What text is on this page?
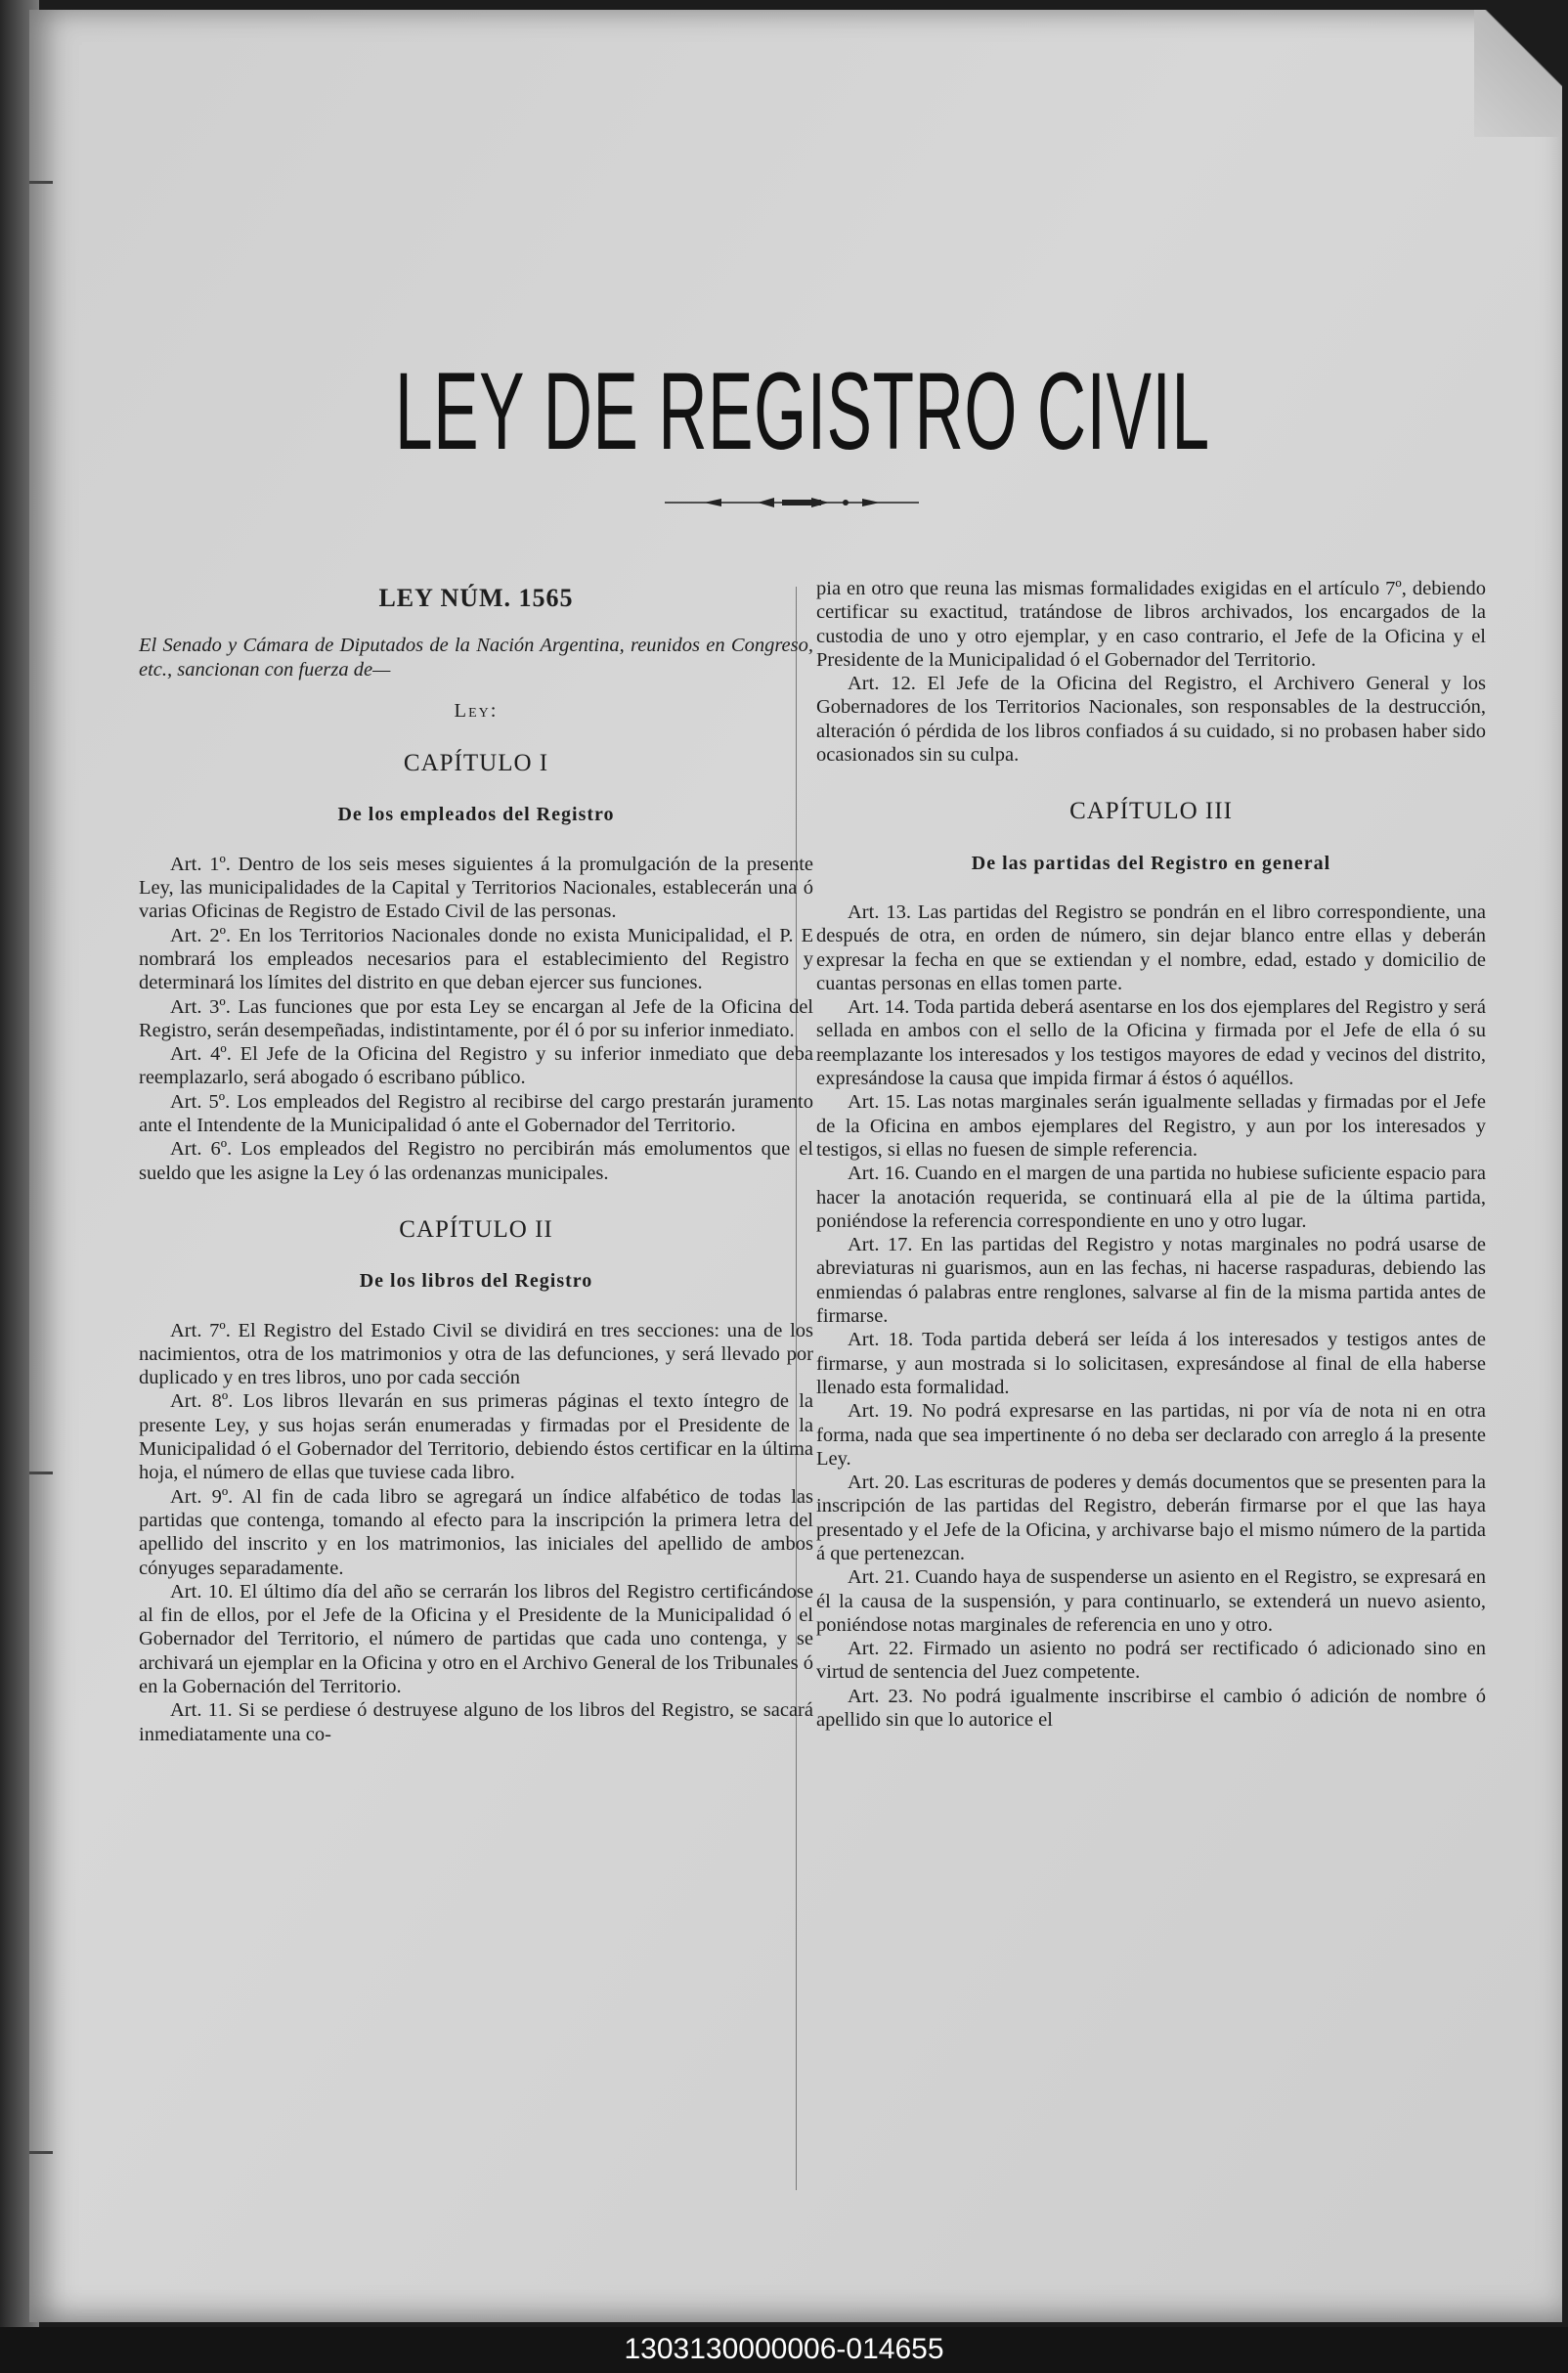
LEY DE REGISTRO CIVIL
LEY NÚM. 1565

El Senado y Cámara de Diputados de la Nación Argentina, reunidos en Congreso, etc., sancionan con fuerza de—

Ley:
CAPÍTULO I
De los empleados del Registro

Art. 1º. Dentro de los seis meses siguientes á la promulgación de la presente Ley, las municipalidades de la Capital y Territorios Nacionales, establecerán una ó varias Oficinas de Registro de Estado Civil de las personas.

Art. 2º. En los Territorios Nacionales donde no exista Municipalidad, el P. E nombrará los empleados necesarios para el establecimiento del Registro y determinará los límites del distrito en que deban ejercer sus funciones.

Art. 3º. Las funciones que por esta Ley se encargan al Jefe de la Oficina del Registro, serán desempeñadas, indistintamente, por él ó por su inferior inmediato.

Art. 4º. El Jefe de la Oficina del Registro y su inferior inmediato que deba reemplazarlo, será abogado ó escribano público.

Art. 5º. Los empleados del Registro al recibirse del cargo prestarán juramento ante el Intendente de la Municipalidad ó ante el Gobernador del Territorio.

Art. 6º. Los empleados del Registro no percibirán más emolumentos que el sueldo que les asigne la Ley ó las ordenanzas municipales.

CAPÍTULO II
De los libros del Registro

Art. 7º. El Registro del Estado Civil se dividirá en tres secciones: una de los nacimientos, otra de los matrimonios y otra de las defunciones, y será llevado por duplicado y en tres libros, uno por cada sección

Art. 8º. Los libros llevarán en sus primeras páginas el texto íntegro de la presente Ley, y sus hojas serán enumeradas y firmadas por el Presidente de la Municipalidad ó el Gobernador del Territorio, debiendo éstos certificar en la última hoja, el número de ellas que tuviese cada libro.

Art. 9º. Al fin de cada libro se agregará un índice alfabético de todas las partidas que contenga, tomando al efecto para la inscripción la primera letra del apellido del inscrito y en los matrimonios, las iniciales del apellido de ambos cónyuges separadamente.

Art. 10. El último día del año se cerrarán los libros del Registro certificándose al fin de ellos, por el Jefe de la Oficina y el Presidente de la Municipalidad ó el Gobernador del Territorio, el número de partidas que cada uno contenga, y se archivará un ejemplar en la Oficina y otro en el Archivo General de los Tribunales ó en la Gobernación del Territorio.

Art. 11. Si se perdiese ó destruyese alguno de los libros del Registro, se sacará inmediatamente una co-

pia en otro que reuna las mismas formalidades exigidas en el artículo 7º, debiendo certificar su exactitud, tratándose de libros archivados, los encargados de la custodia de uno y otro ejemplar, y en caso contrario, el Jefe de la Oficina y el Presidente de la Municipalidad ó el Gobernador del Territorio.

Art. 12. El Jefe de la Oficina del Registro, el Archivero General y los Gobernadores de los Territorios Nacionales, son responsables de la destrucción, alteración ó pérdida de los libros confiados á su cuidado, si no probasen haber sido ocasionados sin su culpa.

CAPÍTULO III
De las partidas del Registro en general

Art. 13. Las partidas del Registro se pondrán en el libro correspondiente, una después de otra, en orden de número, sin dejar blanco entre ellas y deberán expresar la fecha en que se extiendan y el nombre, edad, estado y domicilio de cuantas personas en ellas tomen parte.

Art. 14. Toda partida deberá asentarse en los dos ejemplares del Registro y será sellada en ambos con el sello de la Oficina y firmada por el Jefe de ella ó su reemplazante los interesados y los testigos mayores de edad y vecinos del distrito, expresándose la causa que impida firmar á éstos ó aquéllos.

Art. 15. Las notas marginales serán igualmente selladas y firmadas por el Jefe de la Oficina en ambos ejemplares del Registro, y aun por los interesados y testigos, si ellas no fuesen de simple referencia.

Art. 16. Cuando en el margen de una partida no hubiese suficiente espacio para hacer la anotación requerida, se continuará ella al pie de la última partida, poniéndose la referencia correspondiente en uno y otro lugar.

Art. 17. En las partidas del Registro y notas marginales no podrá usarse de abreviaturas ni guarismos, aun en las fechas, ni hacerse raspaduras, debiendo las enmiendas ó palabras entre renglones, salvarse al fin de la misma partida antes de firmarse.

Art. 18. Toda partida deberá ser leída á los interesados y testigos antes de firmarse, y aun mostrada si lo solicitasen, expresándose al final de ella haberse llenado esta formalidad.

Art. 19. No podrá expresarse en las partidas, ni por vía de nota ni en otra forma, nada que sea impertinente ó no deba ser declarado con arreglo á la presente Ley.

Art. 20. Las escrituras de poderes y demás documentos que se presenten para la inscripción de las partidas del Registro, deberán firmarse por el que las haya presentado y el Jefe de la Oficina, y archivarse bajo el mismo número de la partida á que pertenezcan.

Art. 21. Cuando haya de suspenderse un asiento en el Registro, se expresará en él la causa de la suspensión, y para continuarlo, se extenderá un nuevo asiento, poniéndose notas marginales de referencia en uno y otro.

Art. 22. Firmado un asiento no podrá ser rectificado ó adicionado sino en virtud de sentencia del Juez competente.

Art. 23. No podrá igualmente inscribirse el cambio ó adición de nombre ó apellido sin que lo autorice el

1303130000006-014655
